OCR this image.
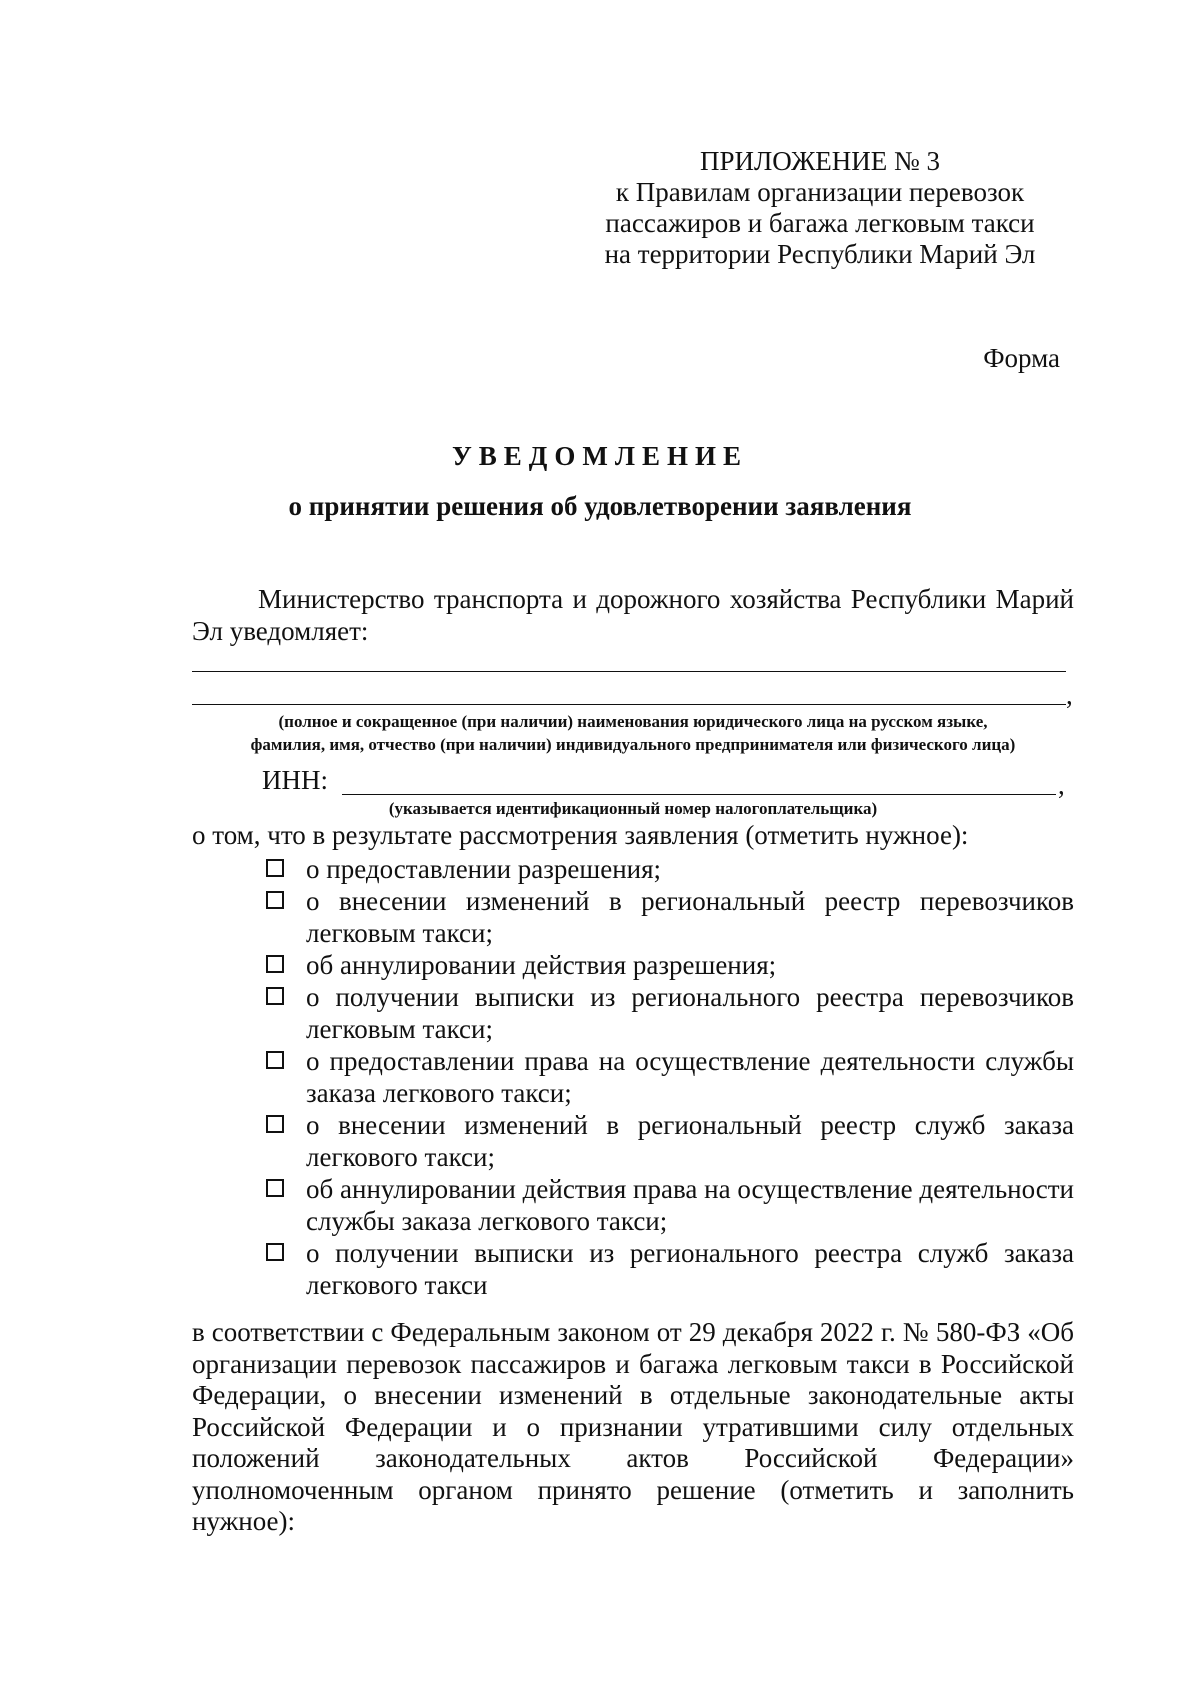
ПРИЛОЖЕНИЕ № 3
к Правилам организации перевозок
пассажиров и багажа легковым такси
на территории Республики Марий Эл
Форма
УВЕДОМЛЕНИЕ
о принятии решения об удовлетворении заявления
Министерство транспорта и дорожного хозяйства Республики Марий Эл уведомляет:
,
(полное и сокращенное (при наличии) наименования юридического лица на русском языке,
фамилия, имя, отчество (при наличии) индивидуального предпринимателя или физического лица)
ИНН:	,
(указывается идентификационный номер налогоплательщика)
о том, что в результате рассмотрения заявления (отметить нужное):
о предоставлении разрешения;
о внесении изменений в региональный реестр перевозчиков легковым такси;
об аннулировании действия разрешения;
о получении выписки из регионального реестра перевозчиков легковым такси;
о предоставлении права на осуществление деятельности службы заказа легкового такси;
о внесении изменений в региональный реестр служб заказа легкового такси;
об аннулировании действия права на осуществление деятельности службы заказа легкового такси;
о получении выписки из регионального реестра служб заказа легкового такси
в соответствии с Федеральным законом от 29 декабря 2022 г. № 580-ФЗ «Об организации перевозок пассажиров и багажа легковым такси в Российской Федерации, о внесении изменений в отдельные законодательные акты Российской Федерации и о признании утратившими силу отдельных положений законодательных актов Российской Федерации» уполномоченным органом принято решение (отметить и заполнить нужное):
